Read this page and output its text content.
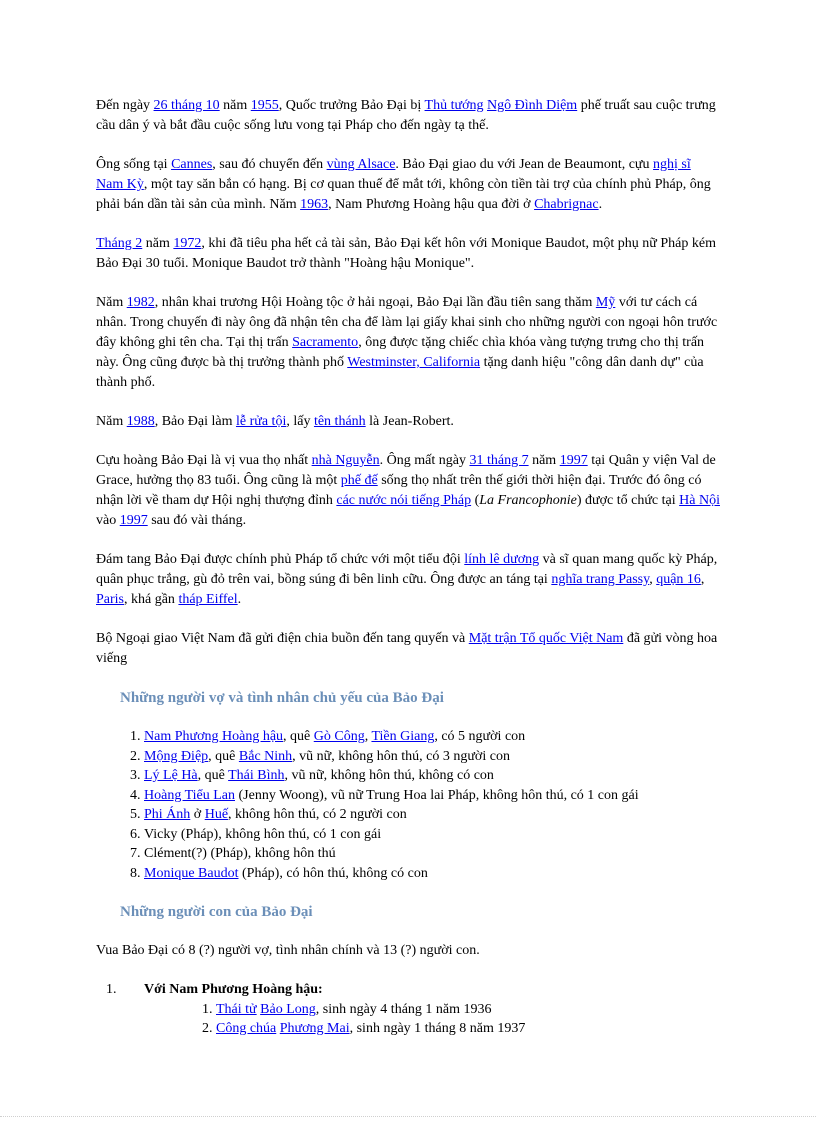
Đến ngày 26 tháng 10 năm 1955, Quốc trưởng Bảo Đại bị Thủ tướng Ngô Đình Diệm phế truất sau cuộc trưng cầu dân ý và bắt đầu cuộc sống lưu vong tại Pháp cho đến ngày tạ thế.

Ông sống tại Cannes, sau đó chuyển đến vùng Alsace. Bảo Đại giao du với Jean de Beaumont, cựu nghị sĩ Nam Kỳ, một tay săn bắn có hạng. Bị cơ quan thuế để mắt tới, không còn tiền tài trợ của chính phủ Pháp, ông phải bán dần tài sản của mình. Năm 1963, Nam Phương Hoàng hậu qua đời ở Chabrignac.

Tháng 2 năm 1972, khi đã tiêu pha hết cả tài sản, Bảo Đại kết hôn với Monique Baudot, một phụ nữ Pháp kém Bảo Đại 30 tuổi. Monique Baudot trở thành "Hoàng hậu Monique".

Năm 1982, nhân khai trương Hội Hoàng tộc ở hải ngoại, Bảo Đại lần đầu tiên sang thăm Mỹ với tư cách cá nhân. Trong chuyến đi này ông đã nhận tên cha để làm lại giấy khai sinh cho những người con ngoại hôn trước đây không ghi tên cha. Tại thị trấn Sacramento, ông được tặng chiếc chìa khóa vàng tượng trưng cho thị trấn này. Ông cũng được bà thị trưởng thành phố Westminster, California tặng danh hiệu "công dân danh dự" của thành phố.

Năm 1988, Bảo Đại làm lễ rửa tội, lấy tên thánh là Jean-Robert.

Cựu hoàng Bảo Đại là vị vua thọ nhất nhà Nguyễn. Ông mất ngày 31 tháng 7 năm 1997 tại Quân y viện Val de Grace, hưởng thọ 83 tuổi. Ông cũng là một phế đế sống thọ nhất trên thế giới thời hiện đại. Trước đó ông có nhận lời về tham dự Hội nghị thượng đỉnh các nước nói tiếng Pháp (La Francophonie) được tổ chức tại Hà Nội vào 1997 sau đó vài tháng.

Đám tang Bảo Đại được chính phủ Pháp tổ chức với một tiểu đội lính lê dương và sĩ quan mang quốc kỳ Pháp, quân phục trắng, gù đỏ trên vai, bồng súng đi bên linh cữu. Ông được an táng tại nghĩa trang Passy, quận 16, Paris, khá gần tháp Eiffel.

Bộ Ngoại giao Việt Nam đã gửi điện chia buồn đến tang quyến và Mặt trận Tổ quốc Việt Nam đã gửi vòng hoa viếng

Những người vợ và tình nhân chủ yếu của Bảo Đại
1. Nam Phương Hoàng hậu, quê Gò Công, Tiền Giang, có 5 người con
2. Mộng Điệp, quê Bắc Ninh, vũ nữ, không hôn thú, có 3 người con
3. Lý Lệ Hà, quê Thái Bình, vũ nữ, không hôn thú, không có con
4. Hoàng Tiểu Lan (Jenny Woong), vũ nữ Trung Hoa lai Pháp, không hôn thú, có 1 con gái
5. Phi Ánh ở Huế, không hôn thú, có 2 người con
6. Vicky (Pháp), không hôn thú, có 1 con gái
7. Clément(?) (Pháp), không hôn thú
8. Monique Baudot (Pháp), có hôn thú, không có con
Những người con của Bảo Đại

Vua Bảo Đại có 8 (?) người vợ, tình nhân chính và 13 (?) người con.

1. Với Nam Phương Hoàng hậu:
1. Thái tử Bảo Long, sinh ngày 4 tháng 1 năm 1936
2. Công chúa Phương Mai, sinh ngày 1 tháng 8 năm 1937
